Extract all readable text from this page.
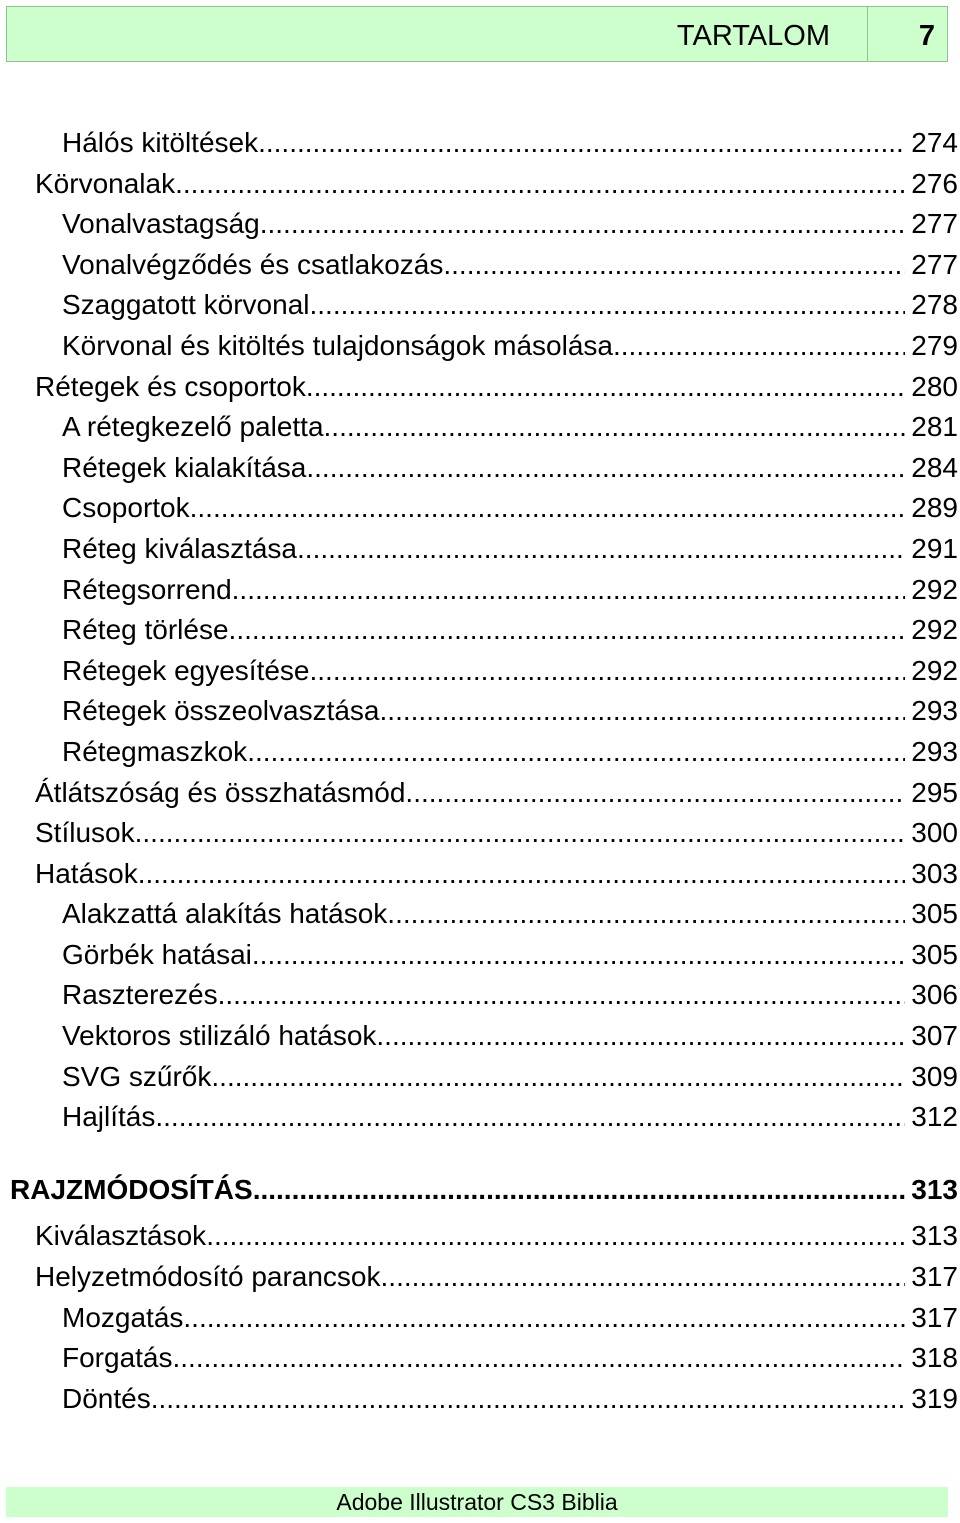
TARTALOM	7
Hálós kitöltések .....	274
Körvonalak .....	276
Vonalvastagság .....	277
Vonalvégződés és csatlakozás .....	277
Szaggatott körvonal .....	278
Körvonal és kitöltés tulajdonságok másolása .....	279
Rétegek és csoportok .....	280
A rétegkezelő paletta .....	281
Rétegek kialakítása .....	284
Csoportok .....	289
Réteg kiválasztása .....	291
Rétegsorrend .....	292
Réteg törlése .....	292
Rétegek egyesítése .....	292
Rétegek összeolvasztása .....	293
Rétegmaszkok .....	293
Átlátszóság és összhatásmód .....	295
Stílusok .....	300
Hatások .....	303
Alakzattá alakítás hatások .....	305
Görbék hatásai .....	305
Raszterezés .....	306
Vektoros stilizáló hatások .....	307
SVG szűrők .....	309
Hajlítás .....	312
RAJZMÓDOSÍTÁS .....	313
Kiválasztások .....	313
Helyzetmódosító parancsok .....	317
Mozgatás .....	317
Forgatás .....	318
Döntés .....	319
Adobe Illustrator CS3 Biblia
